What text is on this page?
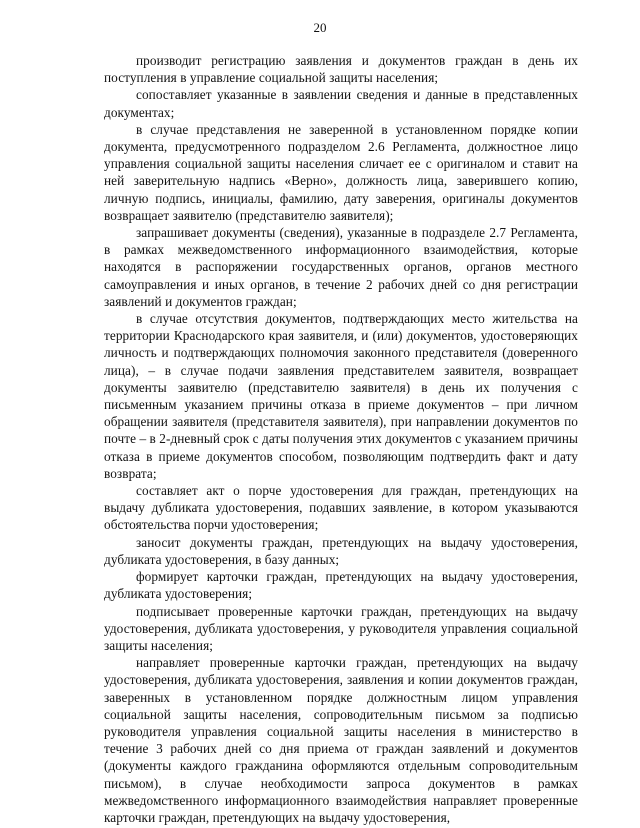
20

производит регистрацию заявления и документов граждан в день их поступления в управление социальной защиты населения;

сопоставляет указанные в заявлении сведения и данные в представленных документах;

в случае представления не заверенной в установленном порядке копии документа, предусмотренного подразделом 2.6 Регламента, должностное лицо управления социальной защиты населения сличает ее с оригиналом и ставит на ней заверительную надпись «Верно», должность лица, заверившего копию, личную подпись, инициалы, фамилию, дату заверения, оригиналы документов возвращает заявителю (представителю заявителя);

запрашивает документы (сведения), указанные в подразделе 2.7 Регламента, в рамках межведомственного информационного взаимодействия, которые находятся в распоряжении государственных органов, органов местного самоуправления и иных органов, в течение 2 рабочих дней со дня регистрации заявлений и документов граждан;

в случае отсутствия документов, подтверждающих место жительства на территории Краснодарского края заявителя, и (или) документов, удостоверяющих личность и подтверждающих полномочия законного представителя (доверенного лица), – в случае подачи заявления представителем заявителя, возвращает документы заявителю (представителю заявителя) в день их получения с письменным указанием причины отказа в приеме документов – при личном обращении заявителя (представителя заявителя), при направлении документов по почте – в 2-дневный срок с даты получения этих документов с указанием причины отказа в приеме документов способом, позволяющим подтвердить факт и дату возврата;

составляет акт о порче удостоверения для граждан, претендующих на выдачу дубликата удостоверения, подавших заявление, в котором указываются обстоятельства порчи удостоверения;

заносит документы граждан, претендующих на выдачу удостоверения, дубликата удостоверения, в базу данных;

формирует карточки граждан, претендующих на выдачу удостоверения, дубликата удостоверения;

подписывает проверенные карточки граждан, претендующих на выдачу удостоверения, дубликата удостоверения, у руководителя управления социальной защиты населения;

направляет проверенные карточки граждан, претендующих на выдачу удостоверения, дубликата удостоверения, заявления и копии документов граждан, заверенных в установленном порядке должностным лицом управления социальной защиты населения, сопроводительным письмом за подписью руководителя управления социальной защиты населения в министерство в течение 3 рабочих дней со дня приема от граждан заявлений и документов (документы каждого гражданина оформляются отдельным сопроводительным письмом), в случае необходимости запроса документов в рамках межведомственного информационного взаимодействия направляет проверенные карточки граждан, претендующих на выдачу удостоверения,
